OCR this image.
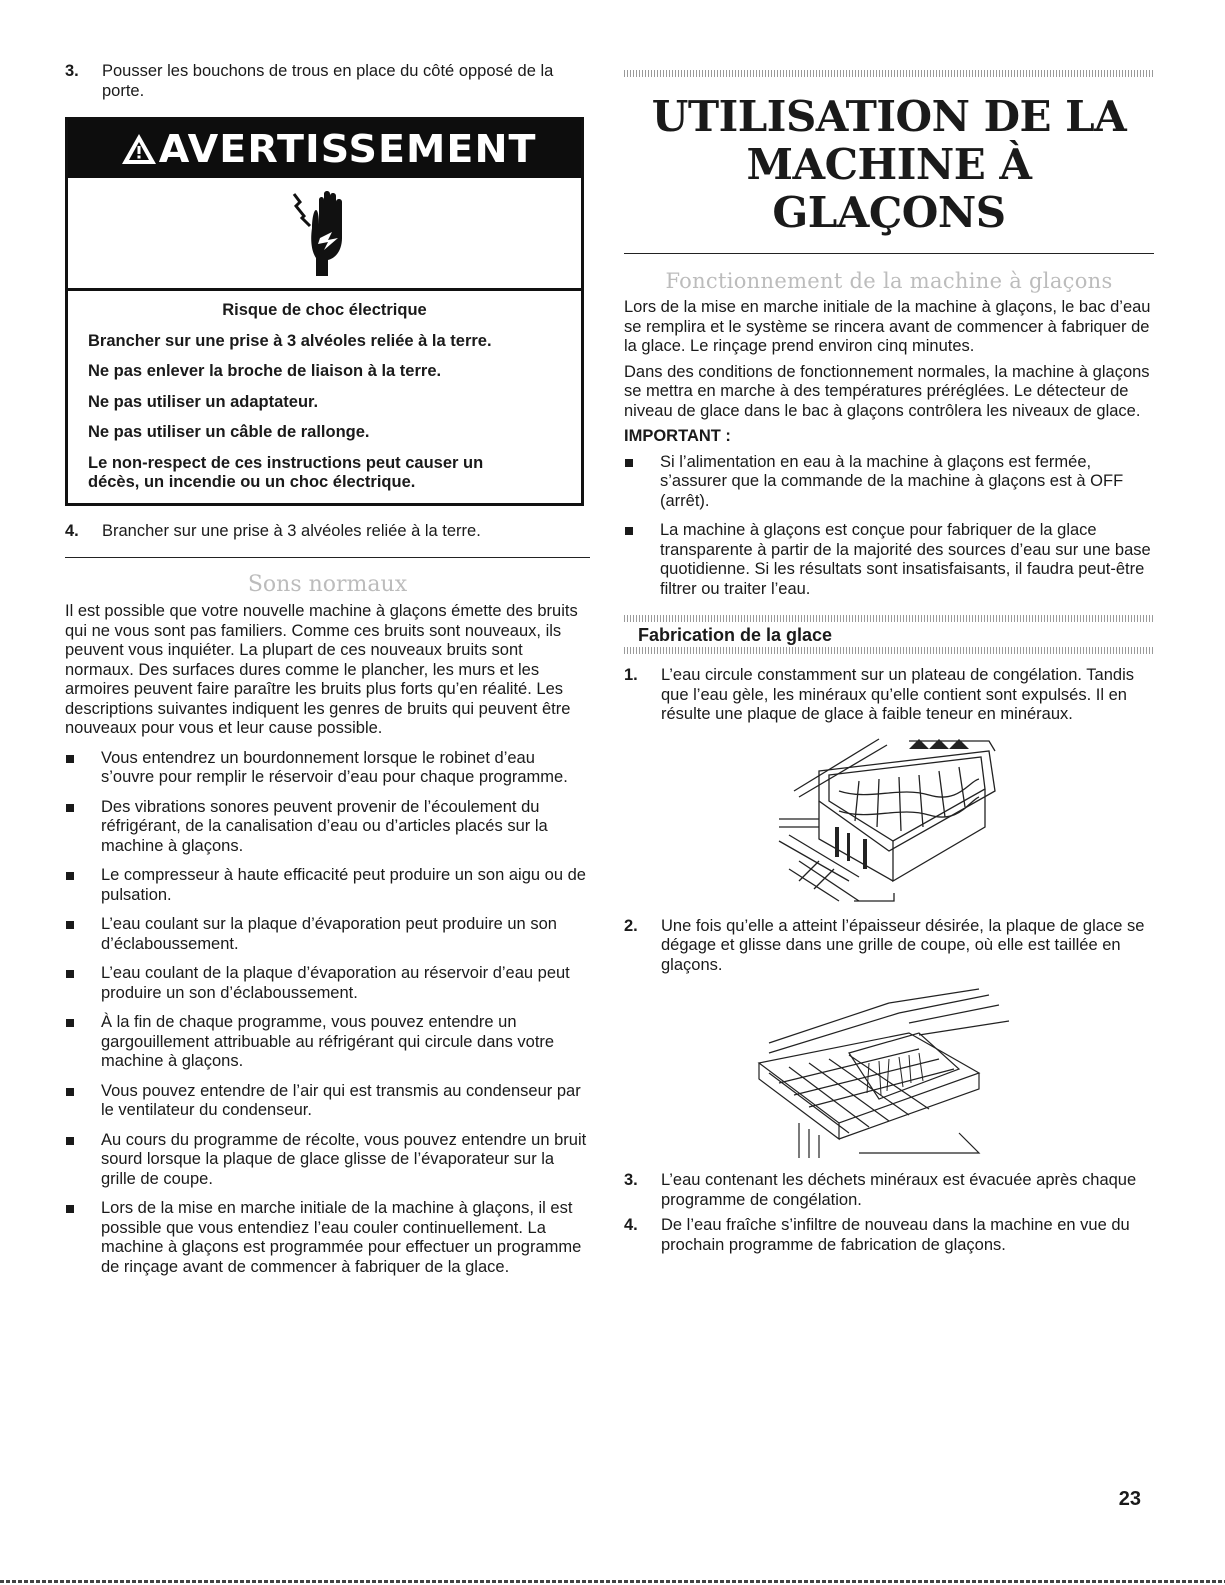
3.	Pousser les bouchons de trous en place du côté opposé de la porte.
AVERTISSEMENT
Risque de choc électrique
Brancher sur une prise à 3 alvéoles reliée à la terre.
Ne pas enlever la broche de liaison à la terre.
Ne pas utiliser un adaptateur.
Ne pas utiliser un câble de rallonge.
Le non-respect de ces instructions peut causer un décès, un incendie ou un choc électrique.
4.	Brancher sur une prise à 3 alvéoles reliée à la terre.
Sons normaux
Il est possible que votre nouvelle machine à glaçons émette des bruits qui ne vous sont pas familiers. Comme ces bruits sont nouveaux, ils peuvent vous inquiéter. La plupart de ces nouveaux bruits sont normaux. Des surfaces dures comme le plancher, les murs et les armoires peuvent faire paraître les bruits plus forts qu’en réalité. Les descriptions suivantes indiquent les genres de bruits qui peuvent être nouveaux pour vous et leur cause possible.
Vous entendrez un bourdonnement lorsque le robinet d’eau s’ouvre pour remplir le réservoir d’eau pour chaque programme.
Des vibrations sonores peuvent provenir de l’écoulement du réfrigérant, de la canalisation d’eau ou d’articles placés sur la machine à glaçons.
Le compresseur à haute efficacité peut produire un son aigu ou de pulsation.
L’eau coulant sur la plaque d’évaporation peut produire un son d’éclaboussement.
L’eau coulant de la plaque d’évaporation au réservoir d’eau peut produire un son d’éclaboussement.
À la fin de chaque programme, vous pouvez entendre un gargouillement attribuable au réfrigérant qui circule dans votre machine à glaçons.
Vous pouvez entendre de l’air qui est transmis au condenseur par le ventilateur du condenseur.
Au cours du programme de récolte, vous pouvez entendre un bruit sourd lorsque la plaque de glace glisse de l’évaporateur sur la grille de coupe.
Lors de la mise en marche initiale de la machine à glaçons, il est possible que vous entendiez l’eau couler continuellement. La machine à glaçons est programmée pour effectuer un programme de rinçage avant de commencer à fabriquer de la glace.
UTILISATION DE LA
MACHINE À GLAÇONS
Fonctionnement de la machine à glaçons
Lors de la mise en marche initiale de la machine à glaçons, le bac d’eau se remplira et le système se rincera avant de commencer à fabriquer de la glace. Le rinçage prend environ cinq minutes.
Dans des conditions de fonctionnement normales, la machine à glaçons se mettra en marche à des températures préréglées. Le détecteur de niveau de glace dans le bac à glaçons contrôlera les niveaux de glace.
IMPORTANT :
Si l’alimentation en eau à la machine à glaçons est fermée, s’assurer que la commande de la machine à glaçons est à OFF (arrêt).
La machine à glaçons est conçue pour fabriquer de la glace transparente à partir de la majorité des sources d’eau sur une base quotidienne. Si les résultats sont insatisfaisants, il faudra peut-être filtrer ou traiter l’eau.
Fabrication de la glace
1.	L’eau circule constamment sur un plateau de congélation. Tandis que l’eau gèle, les minéraux qu’elle contient sont expulsés. Il en résulte une plaque de glace à faible teneur en minéraux.
2.	Une fois qu’elle a atteint l’épaisseur désirée, la plaque de glace se dégage et glisse dans une grille de coupe, où elle est taillée en glaçons.
3.	L’eau contenant les déchets minéraux est évacuée après chaque programme de congélation.
4.	De l’eau fraîche s’infiltre de nouveau dans la machine en vue du prochain programme de fabrication de glaçons.
23
